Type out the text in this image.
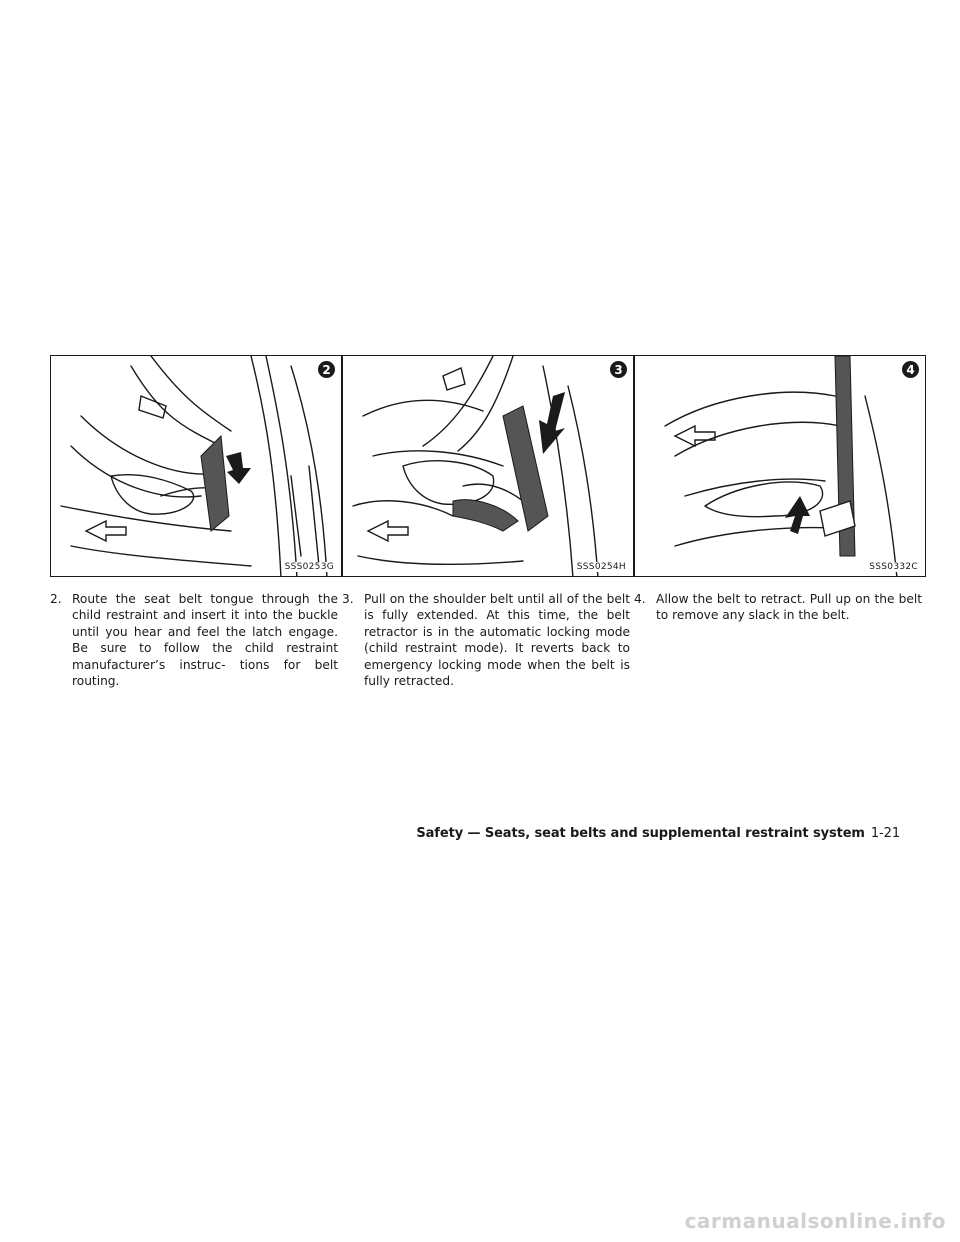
2
SSS0253G
3
SSS0254H
4
SSS0332C
2. Route the seat belt tongue through the child restraint and insert it into the buckle until you hear and feel the latch engage. Be sure to follow the child restraint manufacturer’s instruc- tions for belt routing.
3. Pull on the shoulder belt until all of the belt is fully extended. At this time, the belt retractor is in the automatic locking mode (child restraint mode). It reverts back to emergency locking mode when the belt is fully retracted.
4. Allow the belt to retract. Pull up on the belt to remove any slack in the belt.
Safety — Seats, seat belts and supplemental restraint system 1-21
carmanualsonline.info
